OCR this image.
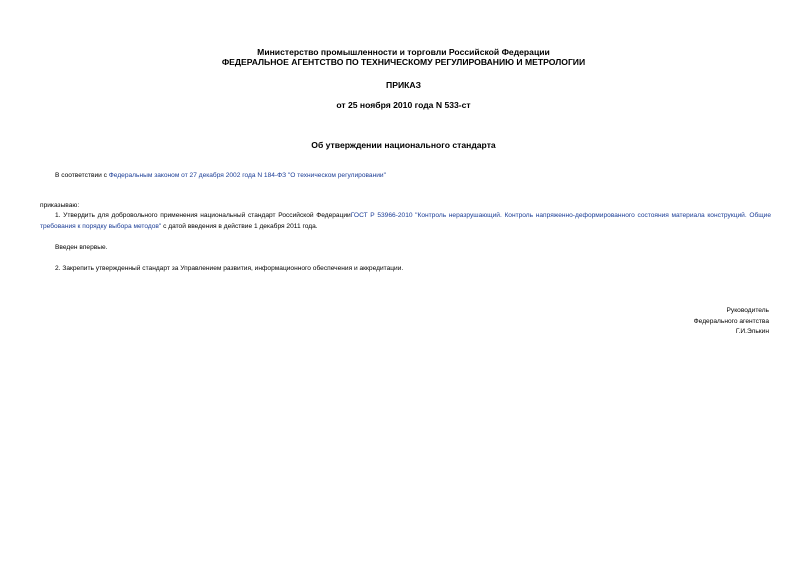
Министерство промышленности и торговли Российской Федерации
ФЕДЕРАЛЬНОЕ АГЕНТСТВО ПО ТЕХНИЧЕСКОМУ РЕГУЛИРОВАНИЮ И МЕТРОЛОГИИ
ПРИКАЗ
от 25 ноября 2010 года N 533-ст
Об утверждении национального стандарта
В соответствии с Федеральным законом от 27 декабря 2002 года N 184-ФЗ "О техническом регулировании"
приказываю:
1. Утвердить для добровольного применения национальный стандарт Российской ФедерацииГОСТ Р 53966-2010 "Контроль неразрушающий. Контроль напряженно-деформированного состояния материала конструкций. Общие требования к порядку выбора методов" с датой введения в действие 1 декабря 2011 года.
Введен впервые.
2. Закрепить утвержденный стандарт за Управлением развития, информационного обеспечения и аккредитации.
Руководитель
Федерального агентства
Г.И.Элькин
